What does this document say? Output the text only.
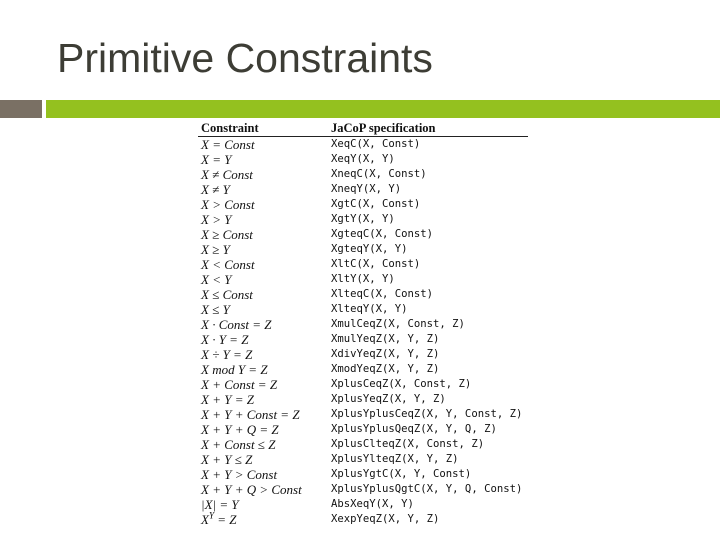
Primitive Constraints
Constraint	JaCoP specification
X = Const	XeqC(X, Const)
X = Y	XeqY(X, Y)
X ≠ Const	XneqC(X, Const)
X ≠ Y	XneqY(X, Y)
X > Const	XgtC(X, Const)
X > Y	XgtY(X, Y)
X ≥ Const	XgteqC(X, Const)
X ≥ Y	XgteqY(X, Y)
X < Const	XltC(X, Const)
X < Y	XltY(X, Y)
X ≤ Const	XlteqC(X, Const)
X ≤ Y	XlteqY(X, Y)
X · Const = Z	XmulCeqZ(X, Const, Z)
X · Y = Z	XmulYeqZ(X, Y, Z)
X ÷ Y = Z	XdivYeqZ(X, Y, Z)
X mod Y = Z	XmodYeqZ(X, Y, Z)
X + Const = Z	XplusCeqZ(X, Const, Z)
X + Y = Z	XplusYeqZ(X, Y, Z)
X + Y + Const = Z	XplusYplusCeqZ(X, Y, Const, Z)
X + Y + Q = Z	XplusYplusQeqZ(X, Y, Q, Z)
X + Const ≤ Z	XplusClteqZ(X, Const, Z)
X + Y ≤ Z	XplusYlteqZ(X, Y, Z)
X + Y > Const	XplusYgtC(X, Y, Const)
X + Y + Q > Const	XplusYplusQgtC(X, Y, Q, Const)
|X| = Y	AbsXeqY(X, Y)
$X^Y = Z$	XexpYeqZ(X, Y, Z)
